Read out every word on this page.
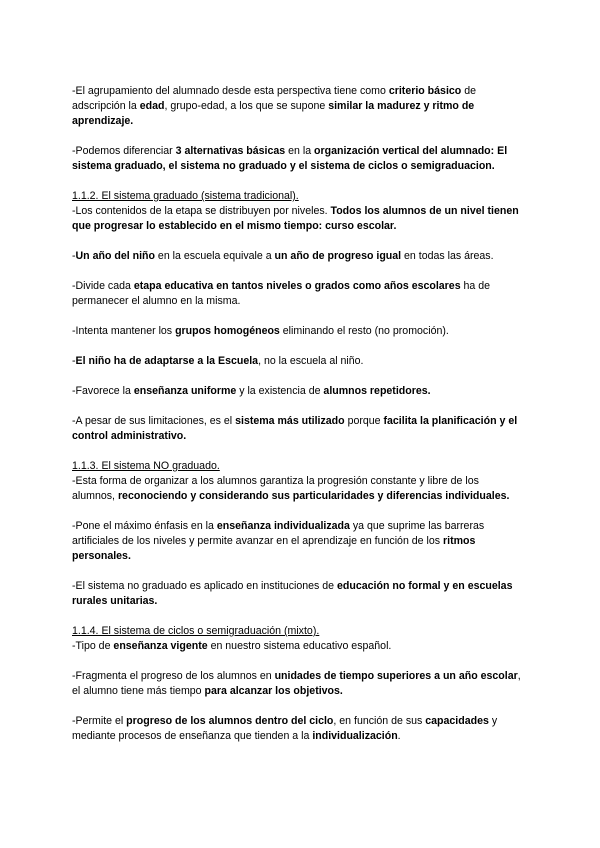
-El agrupamiento del alumnado desde esta perspectiva tiene como criterio básico de adscripción la edad, grupo-edad, a los que se supone similar la madurez y ritmo de aprendizaje.

-Podemos diferenciar 3 alternativas básicas en la organización vertical del alumnado: El sistema graduado, el sistema no graduado y el sistema de ciclos o semigraduacion.

1.1.2. El sistema graduado (sistema tradicional).

-Los contenidos de la etapa se distribuyen por niveles. Todos los alumnos de un nivel tienen que progresar lo establecido en el mismo tiempo: curso escolar.

-Un año del niño en la escuela equivale a un año de progreso igual en todas las áreas.

-Divide cada etapa educativa en tantos niveles o grados como años escolares ha de permanecer el alumno en la misma.

-Intenta mantener los grupos homogéneos eliminando el resto (no promoción).

-El niño ha de adaptarse a la Escuela, no la escuela al niño.

-Favorece la enseñanza uniforme y la existencia de alumnos repetidores.

-A pesar de sus limitaciones, es el sistema más utilizado porque facilita la planificación y el control administrativo.

1.1.3. El sistema NO graduado.

-Esta forma de organizar a los alumnos garantiza la progresión constante y libre de los alumnos, reconociendo y considerando sus particularidades y diferencias individuales.

-Pone el máximo énfasis en la enseñanza individualizada ya que suprime las barreras artificiales de los niveles y permite avanzar en el aprendizaje en función de los ritmos personales.

-El sistema no graduado es aplicado en instituciones de educación no formal y en escuelas rurales unitarias.

1.1.4. El sistema de ciclos o semigraduación (mixto).

-Tipo de enseñanza vigente en nuestro sistema educativo español.

-Fragmenta el progreso de los alumnos en unidades de tiempo superiores a un año escolar, el alumno tiene más tiempo para alcanzar los objetivos.

-Permite el progreso de los alumnos dentro del ciclo, en función de sus capacidades y mediante procesos de enseñanza que tienden a la individualización.
